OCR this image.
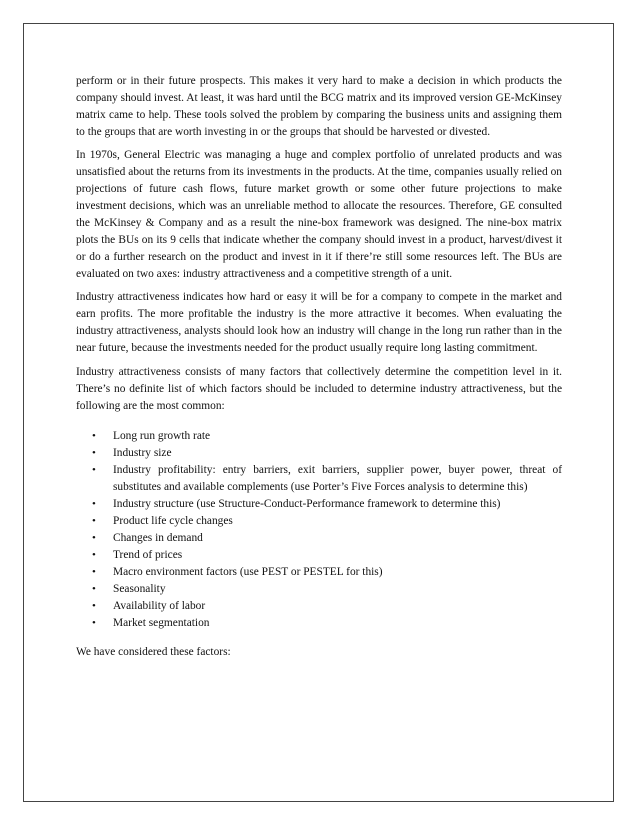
perform or in their future prospects. This makes it very hard to make a decision in which products the company should invest. At least, it was hard until the BCG matrix and its improved version GE-McKinsey matrix came to help. These tools solved the problem by comparing the business units and assigning them to the groups that are worth investing in or the groups that should be harvested or divested.

In 1970s, General Electric was managing a huge and complex portfolio of unrelated products and was unsatisfied about the returns from its investments in the products. At the time, companies usually relied on projections of future cash flows, future market growth or some other future projections to make investment decisions, which was an unreliable method to allocate the resources. Therefore, GE consulted the McKinsey & Company and as a result the nine-box framework was designed. The nine-box matrix plots the BUs on its 9 cells that indicate whether the company should invest in a product, harvest/divest it or do a further research on the product and invest in it if there’re still some resources left. The BUs are evaluated on two axes: industry attractiveness and a competitive strength of a unit.

Industry attractiveness indicates how hard or easy it will be for a company to compete in the market and earn profits. The more profitable the industry is the more attractive it becomes. When evaluating the industry attractiveness, analysts should look how an industry will change in the long run rather than in the near future, because the investments needed for the product usually require long lasting commitment.

Industry attractiveness consists of many factors that collectively determine the competition level in it. There’s no definite list of which factors should be included to determine industry attractiveness, but the following are the most common:

• Long run growth rate
• Industry size
• Industry profitability: entry barriers, exit barriers, supplier power, buyer power, threat of substitutes and available complements (use Porter’s Five Forces analysis to determine this)
• Industry structure (use Structure-Conduct-Performance framework to determine this)
• Product life cycle changes
• Changes in demand
• Trend of prices
• Macro environment factors (use PEST or PESTEL for this)
• Seasonality
• Availability of labor
• Market segmentation

We have considered these factors:
